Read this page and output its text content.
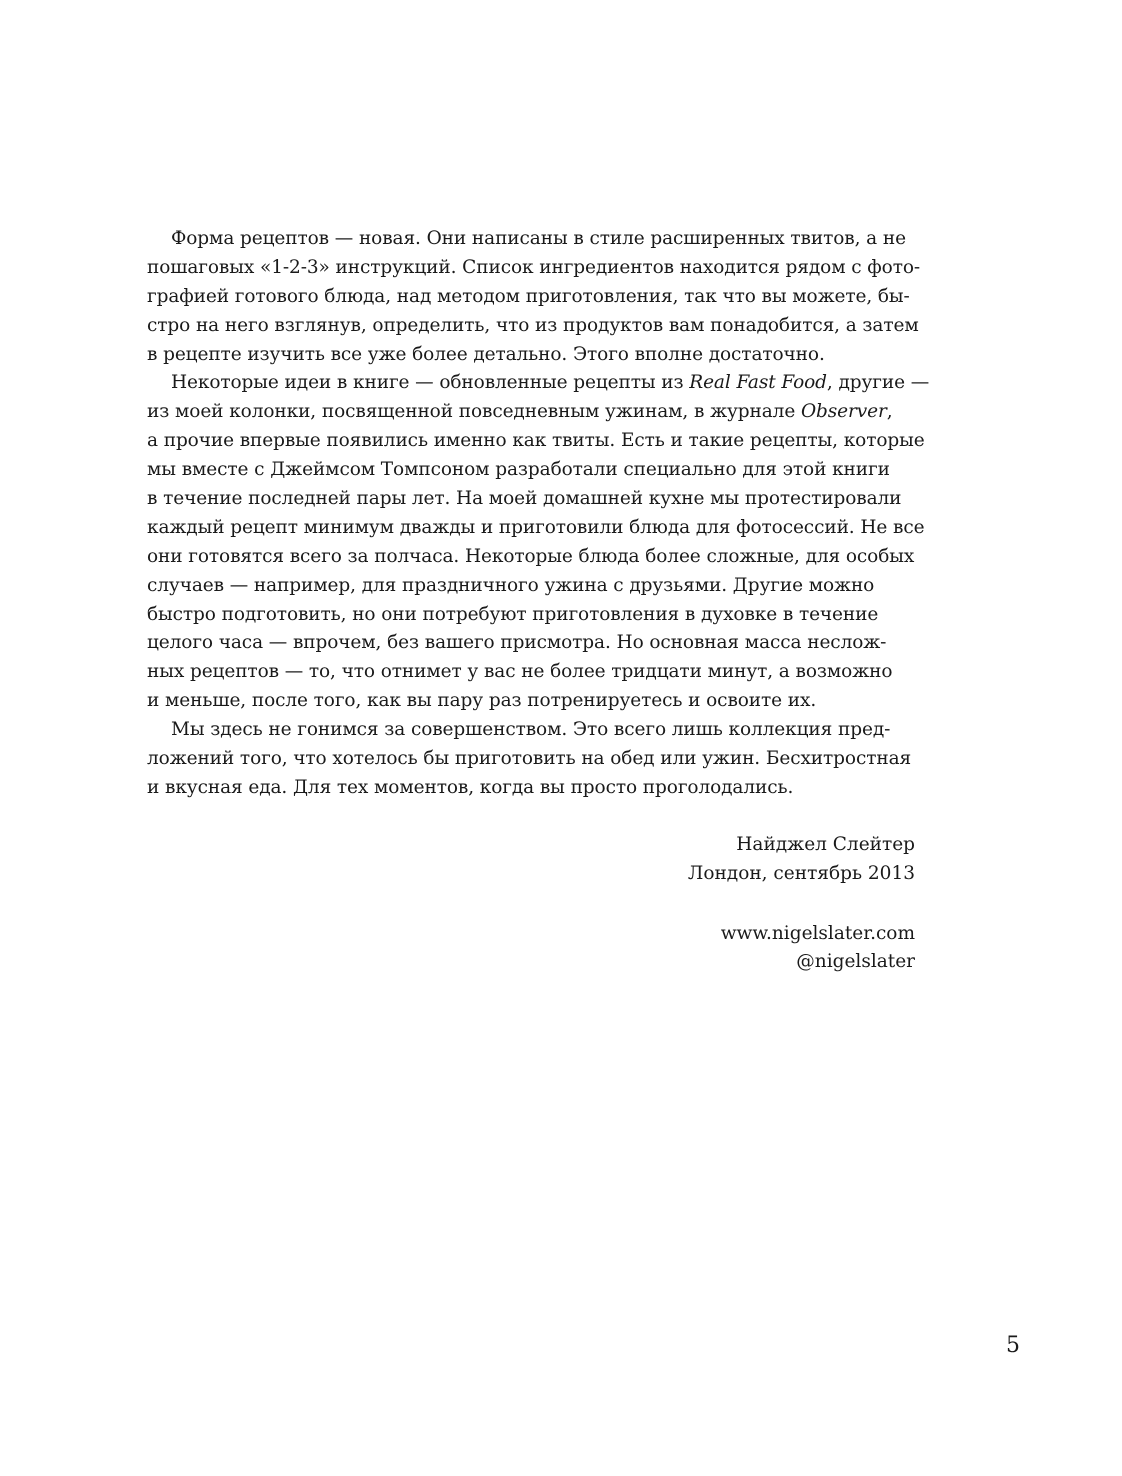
Форма рецептов — новая. Они написаны в стиле расширенных твитов, а не
пошаговых «1-2-3» инструкций. Список ингредиентов находится рядом с фото-
графией готового блюда, над методом приготовления, так что вы можете, бы-
стро на него взглянув, определить, что из продуктов вам понадобится, а затем
в рецепте изучить все уже более детально. Этого вполне достаточно.
Некоторые идеи в книге — обновленные рецепты из Real Fast Food, другие —
из моей колонки, посвященной повседневным ужинам, в журнале Observer,
а прочие впервые появились именно как твиты. Есть и такие рецепты, которые
мы вместе с Джеймсом Томпсоном разработали специально для этой книги
в течение последней пары лет. На моей домашней кухне мы протестировали
каждый рецепт минимум дважды и приготовили блюда для фотосессий. Не все
они готовятся всего за полчаса. Некоторые блюда более сложные, для особых
случаев — например, для праздничного ужина с друзьями. Другие можно
быстро подготовить, но они потребуют приготовления в духовке в течение
целого часа — впрочем, без вашего присмотра. Но основная масса неслож-
ных рецептов — то, что отнимет у вас не более тридцати минут, а возможно
и меньше, после того, как вы пару раз потренируетесь и освоите их.
Мы здесь не гонимся за совершенством. Это всего лишь коллекция пред-
ложений того, что хотелось бы приготовить на обед или ужин. Бесхитростная
и вкусная еда. Для тех моментов, когда вы просто проголодались.
Найджел Слейтер
Лондон, сентябрь 2013
www.nigelslater.com
@nigelslater
5
